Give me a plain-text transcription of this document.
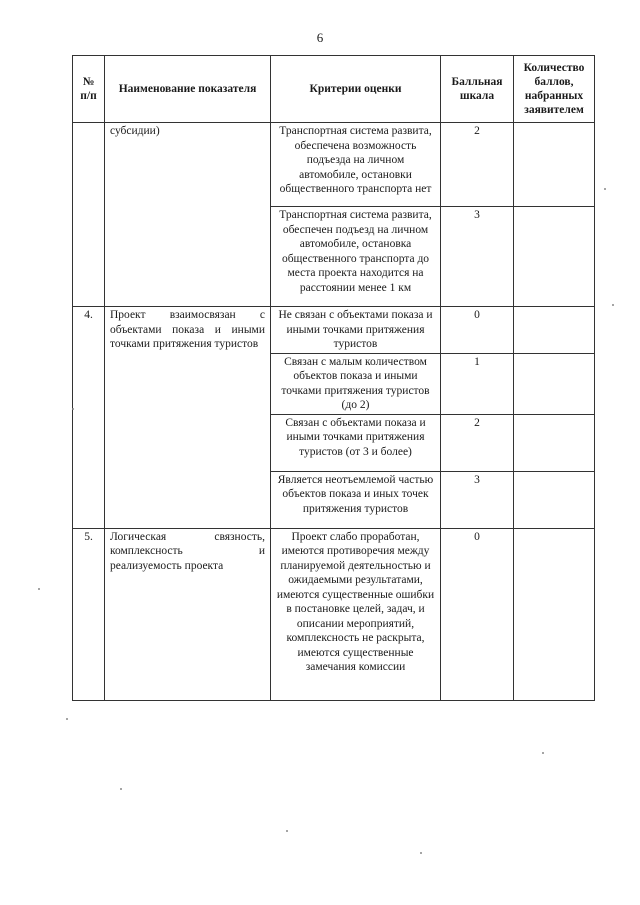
6
№
п/п	Наименование показателя	Критерии оценки	Балльная шкала	Количество баллов, набранных заявителем
	субсидии)	Транспортная система развита, обеспечена возможность подъезда на личном автомобиле, остановки общественного транспорта нет	2	
		Транспортная система развита, обеспечен подъезд на личном автомобиле, остановка общественного транспорта до места проекта находится на расстоянии менее 1 км	3	
4.	Проект взаимосвязан с объектами показа и иными точками притяжения туристов	Не связан с объектами показа и иными точками притяжения туристов	0	
		Связан с малым количеством объектов показа и иными точками притяжения туристов (до 2)	1	
		Связан с объектами показа и иными точками притяжения туристов (от 3 и более)	2	
		Является неотъемлемой частью объектов показа и иных точек притяжения туристов	3	
5.	Логическая связность, комплексность и реализуемость проекта	Проект слабо проработан, имеются противоречия между планируемой деятельностью и ожидаемыми результатами, имеются существенные ошибки в постановке целей, задач, и описании мероприятий, комплексность не раскрыта, имеются существенные замечания комиссии	0	
